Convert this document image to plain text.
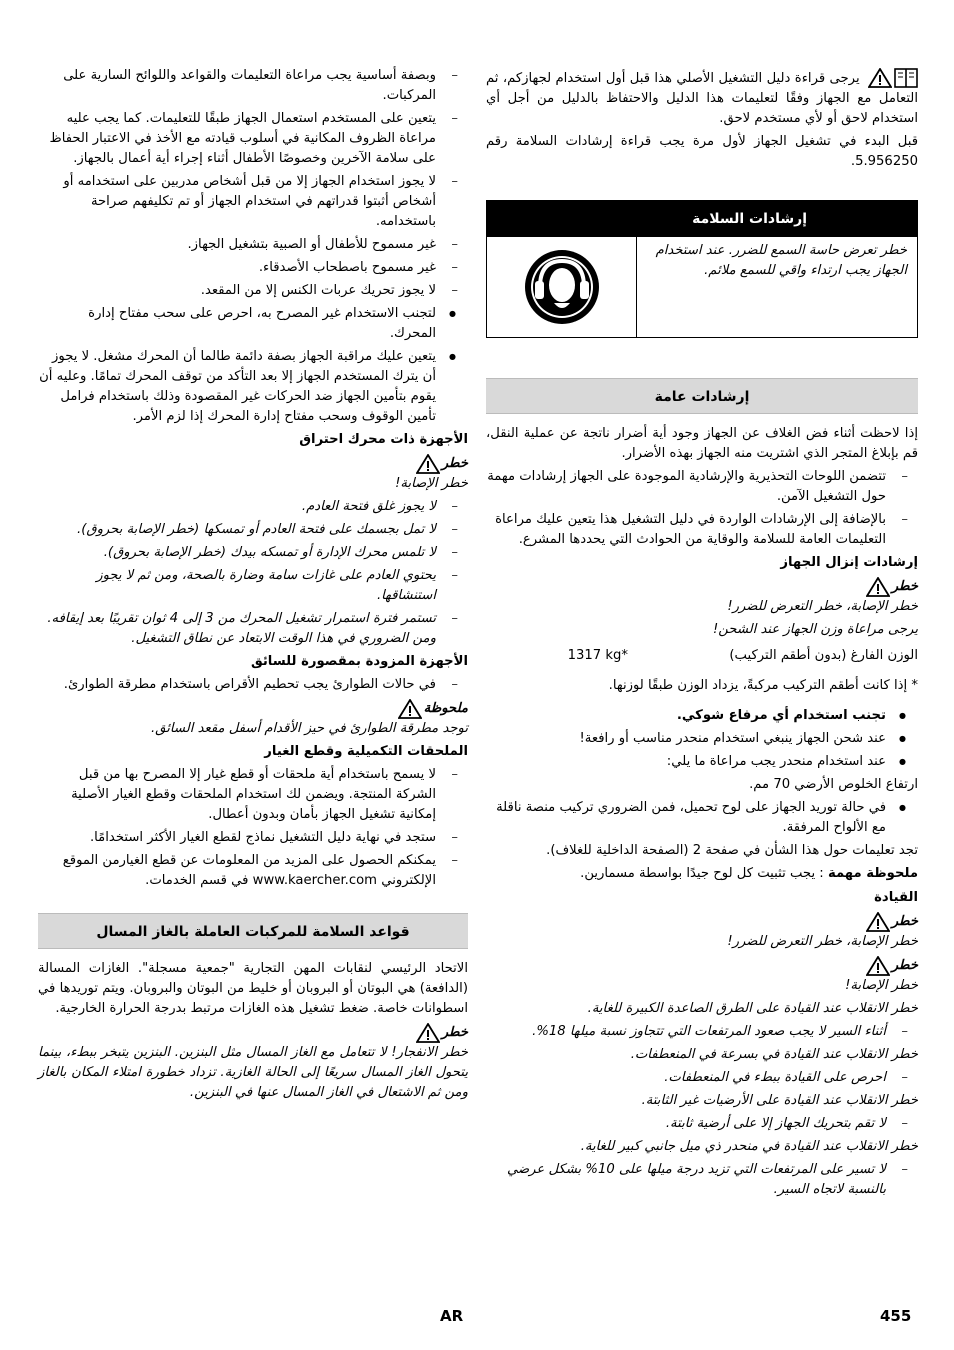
يرجى قراءة دليل التشغيل الأصلي هذا قبل أول استخدام لجهازكم، ثم التعامل مع الجهاز وفقًا لتعليمات هذا الدليل والاحتفاظ بالدليل من أجل أي استخدام لاحق أو لأي مستخدم لاحق.

قبل البدء في تشغيل الجهاز لأول مرة يجب قراءة إرشادات السلامة رقم 5.956250.

إرشادات السلامة
خطر تعرض حاسة السمع للضرر. عند استخدام الجهاز يجب ارتداء واقي للسمع ملائم.
إرشادات عامة

إذا لاحظت أثناء فض الغلاف عن الجهاز وجود أية أضرار ناتجة عن عملية النقل، قم بإبلاغ المتجر الذي اشتريت منه الجهاز بهذه الأضرار.

– تتضمن اللوحات التحذيرية والإرشادية الموجودة على الجهاز إرشادات مهمة حول التشغيل الآمن.
– بالإضافة إلى الإرشادات الواردة في دليل التشغيل هذا يتعين عليك مراعاة التعليمات العامة للسلامة والوقاية من الحوادث التي يحددها المشرع.

إرشادات إنزال الجهاز

خطر

خطر الإصابة، خطر التعرض للضرر!

يرجى مراعاة وزن الجهاز عند الشحن!

الوزن الفارغ (بدون أطقم التركيب)
1317 kg*

* إذا كانت أطقم التركيب مركبةً، يزداد الوزن طبقًا لوزنها.

● تجنب استخدام أي مرفاع شوكي.
● عند شحن الجهاز ينبغي استخدام منحدر مناسب أو رافعة!
● عند استخدام منحدر يجب مراعاة ما يلي:

ارتفاع الخلوص الأرضي 70 مم.

● في حالة توريد الجهاز على لوح تحميل، فمن الضروري تركيب منصة ناقلة مع الألواح المرفقة.

تجد تعليمات حول هذا الشأن في صفحة 2 (الصفحة الداخلية للغلاف).

ملحوظة مهمة : يجب تثبيت كل لوح جيدًا بواسطة مسمارين.

القيادة

خطر

خطر الإصابة، خطر التعرض للضرر!

خطر

خطر الإصابة!

خطر الانقلاب عند القيادة على الطرق الصاعدة الكبيرة للغاية.

– أثناء السير لا يجب صعود المرتفعات التي تتجاوز نسبة ميلها 18%.

خطر الانقلاب عند القيادة في بسرعة في المنعطفات.

– احرص على القيادة ببطء في المنعطفات.

خطر الانقلاب عند القيادة على الأرضيات غير الثابتة.

– لا تقم بتحريك الجهاز إلا على أرضية ثابتة.

خطر الانقلاب عند القيادة في منحدر ذي ميل جانبي كبير للغاية.

– لا تسير على المرتفعات التي تزيد درجة ميلها على 10% بشكل عرضي بالنسبة لاتجاه السير.
– وبصفة أساسية يجب مراعاة التعليمات والقواعد واللوائح السارية على المركبات.
– يتعين على المستخدم استعمال الجهاز طبقًا للتعليمات. كما يجب عليه مراعاة الظروف المكانية في أسلوب قيادته مع الأخذ في الاعتبار الحفاظ على سلامة الآخرين وخصوصًا الأطفال أثناء إجراء أية أعمال بالجهاز.
– لا يجوز استخدام الجهاز إلا من قبل أشخاص مدربين على استخدامه أو أشخاص أثبتوا قدراتهم في استخدام الجهاز أو تم تكليفهم صراحة باستخدامه.
– غير مسموح للأطفال أو الصبية بتشغيل الجهاز.
– غير مسموح باصطحاب الأصدقاء.
– لا يجوز تحريك عربات الكنس إلا من المقعد.
● لتجنب الاستخدام غير المصرح به، احرص على سحب مفتاح إدارة المحرك.
● يتعين عليك مراقبة الجهاز بصفة دائمة طالما أن المحرك مشغل. لا يجوز أن يترك المستخدم الجهاز إلا بعد التأكد من توقف المحرك تمامًا. وعليه أن يقوم بتأمين الجهاز ضد الحركات غير المقصودة وذلك باستخدام فرامل تأمين الوقوف وسحب مفتاح إدارة المحرك إذا لزم الأمر.

الأجهزة ذات محرك احتراق

خطر

خطر الإصابة!

– لا يجوز غلق فتحة العادم.
– لا تمل بجسمك على فتحة العادم أو تمسكها (خطر الإصابة بحروق).
– لا تلمس محرك الإدارة أو تمسكه بيدك (خطر الإصابة بحروق).
– يحتوي العادم على غازات سامة وضارة بالصحة، ومن ثم لا يجوز استنشاقها.
– تستمر فترة استمرار تشغيل المحرك من 3 إلى 4 ثوان تقريبًا بعد إيقافه. ومن الضروري في هذا الوقت الابتعاد عن نطاق التشغيل.

الأجهزة المزودة بمقصورة للسائق

– في حالات الطوارئ يجب تحطيم الأقراص باستخدام مطرقة الطوارئ.
ملحوظة

توجد مطرقة الطوارئ في حيز الأقدام أسفل مقعد السائق.

الملحقات التكميلية وقطع الغيار

– لا يسمح باستخدام أية ملحقات أو قطع غيار إلا المصرح بها من قبل الشركة المنتجة. ويضمن لك استخدام الملحقات وقطع الغيار الأصلية إمكانية تشغيل الجهاز بأمان وبدون أعطال.
– ستجد في نهاية دليل التشغيل نماذج لقطع الغيار الأكثر استخدامًا.
– يمكنكم الحصول على المزيد من المعلومات عن قطع الغيارمن الموقع الإلكتروني www.kaercher.com في قسم الخدمات.
قواعد السلامة للمركبات العاملة بالغاز المسال

الاتحاد الرئيسي لنقابات المهن التجارية "جمعية مسجلة". الغازات المسالة (الدافعة) هي البوتان أو البروبان أو خليط من البوتان والبروبان. ويتم توريدها في اسطوانات خاصة. ضغط تشغيل هذه الغازات مرتبط بدرجة الحرارة الخارجية.

خطر

خطر الانفجار! لا تتعامل مع الغاز المسال مثل البنزين. البنزين يتبخر ببطء، بينما يتحول الغاز المسال سريعًا إلى الحالة الغازية. تزداد خطورة امتلاء المكان بالغاز ومن ثم الاشتعال في الغاز المسال عنها في البنزين.

455
AR
